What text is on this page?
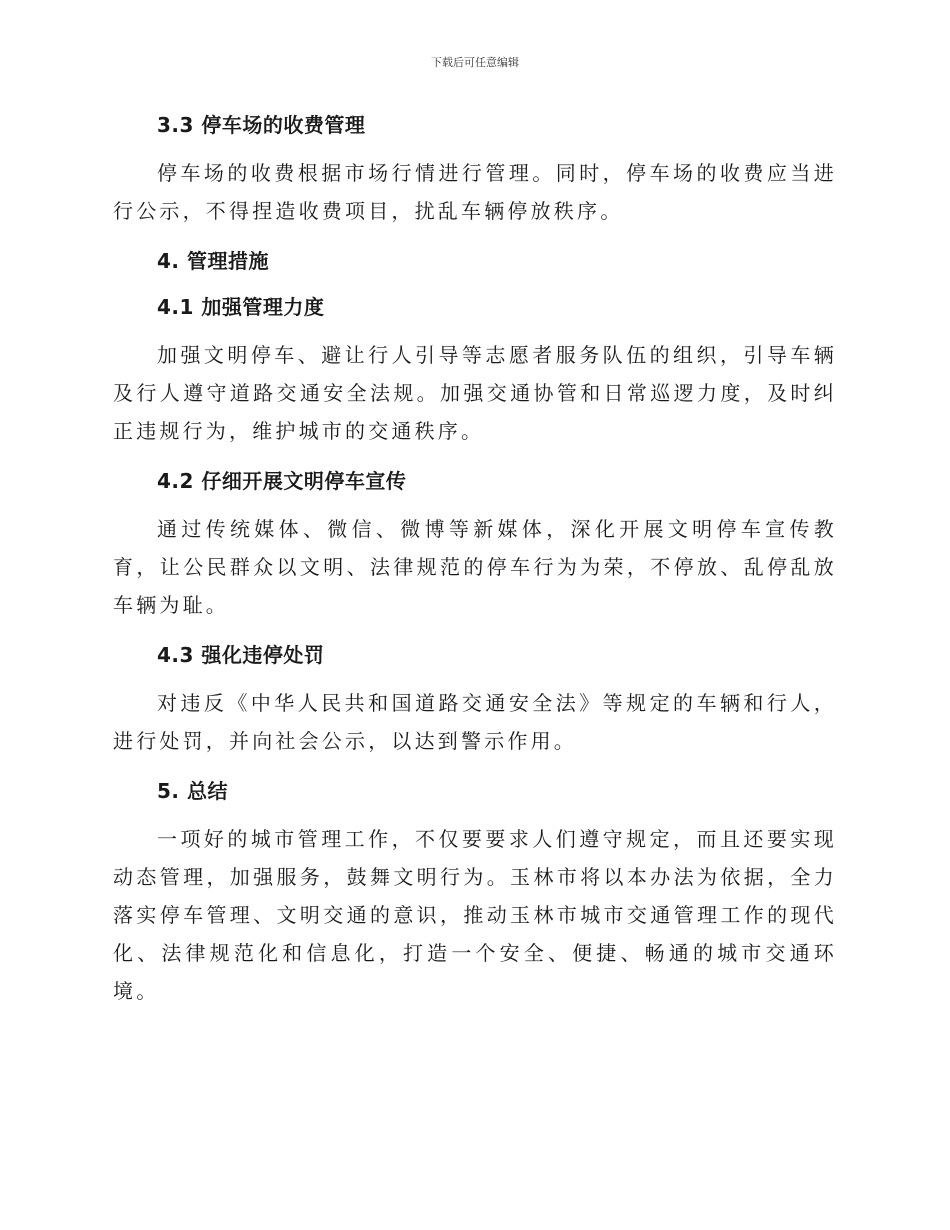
下载后可任意编辑
3.3 停车场的收费管理

停车场的收费根据市场行情进行管理。同时，停车场的收费应当进行公示，不得捏造收费项目，扰乱车辆停放秩序。

4. 管理措施
4.1 加强管理力度

加强文明停车、避让行人引导等志愿者服务队伍的组织，引导车辆及行人遵守道路交通安全法规。加强交通协管和日常巡逻力度，及时纠正违规行为，维护城市的交通秩序。

4.2 仔细开展文明停车宣传

通过传统媒体、微信、微博等新媒体，深化开展文明停车宣传教育，让公民群众以文明、法律规范的停车行为为荣，不停放、乱停乱放车辆为耻。

4.3 强化违停处罚

对违反《中华人民共和国道路交通安全法》等规定的车辆和行人，进行处罚，并向社会公示，以达到警示作用。

5. 总结

一项好的城市管理工作，不仅要要求人们遵守规定，而且还要实现动态管理，加强服务，鼓舞文明行为。玉林市将以本办法为依据，全力落实停车管理、文明交通的意识，推动玉林市城市交通管理工作的现代化、法律规范化和信息化，打造一个安全、便捷、畅通的城市交通环境。
